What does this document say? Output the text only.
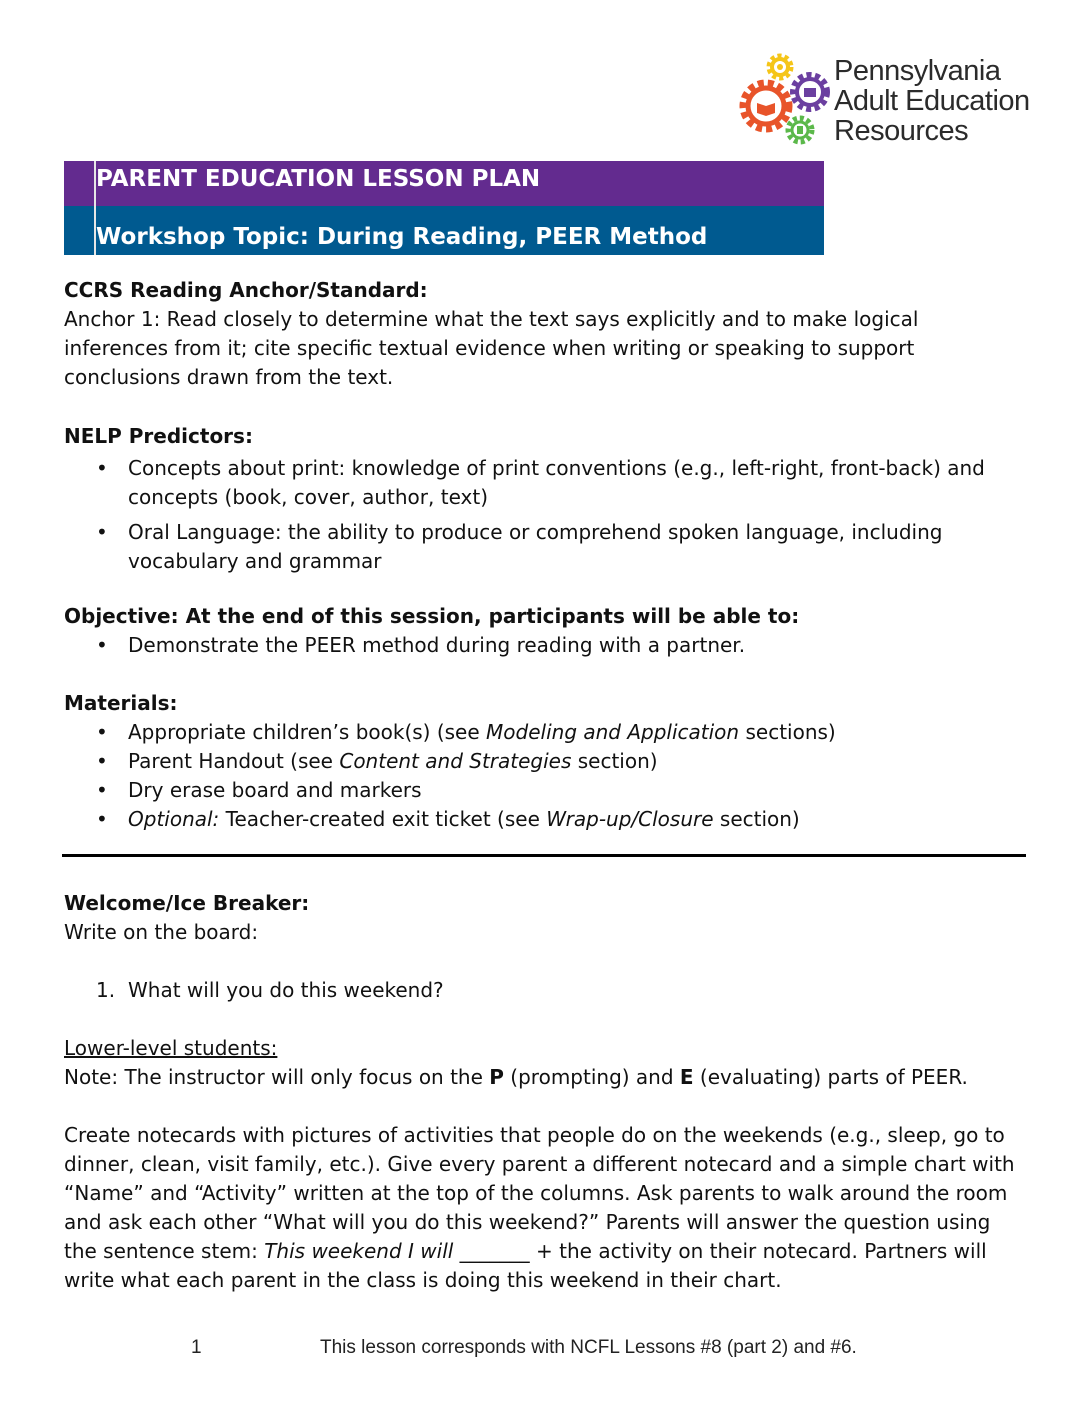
Pennsylvania
Adult Education
Resources
PARENT EDUCATION LESSON PLAN
Workshop Topic: During Reading, PEER Method

CCRS Reading Anchor/Standard:

Anchor 1: Read closely to determine what the text says explicitly and to make logical inferences from it; cite specific textual evidence when writing or speaking to support conclusions drawn from the text.

NELP Predictors:

• Concepts about print: knowledge of print conventions (e.g., left-right, front-back) and concepts (book, cover, author, text)
• Oral Language: the ability to produce or comprehend spoken language, including vocabulary and grammar

Objective: At the end of this session, participants will be able to:

• Demonstrate the PEER method during reading with a partner.

Materials:

• Appropriate children’s book(s) (see Modeling and Application sections)
• Parent Handout (see Content and Strategies section)
• Dry erase board and markers
• Optional: Teacher-created exit ticket (see Wrap-up/Closure section)

Welcome/Ice Breaker:

Write on the board:

1. What will you do this weekend?

Lower-level students:

Note: The instructor will only focus on the P (prompting) and E (evaluating) parts of PEER.

Create notecards with pictures of activities that people do on the weekends (e.g., sleep, go to dinner, clean, visit family, etc.). Give every parent a different notecard and a simple chart with “Name” and “Activity” written at the top of the columns. Ask parents to walk around the room and ask each other “What will you do this weekend?” Parents will answer the question using the sentence stem: This weekend I will _______ + the activity on their notecard. Partners will write what each parent in the class is doing this weekend in their chart.

1	This lesson corresponds with NCFL Lessons #8 (part 2) and #6.
